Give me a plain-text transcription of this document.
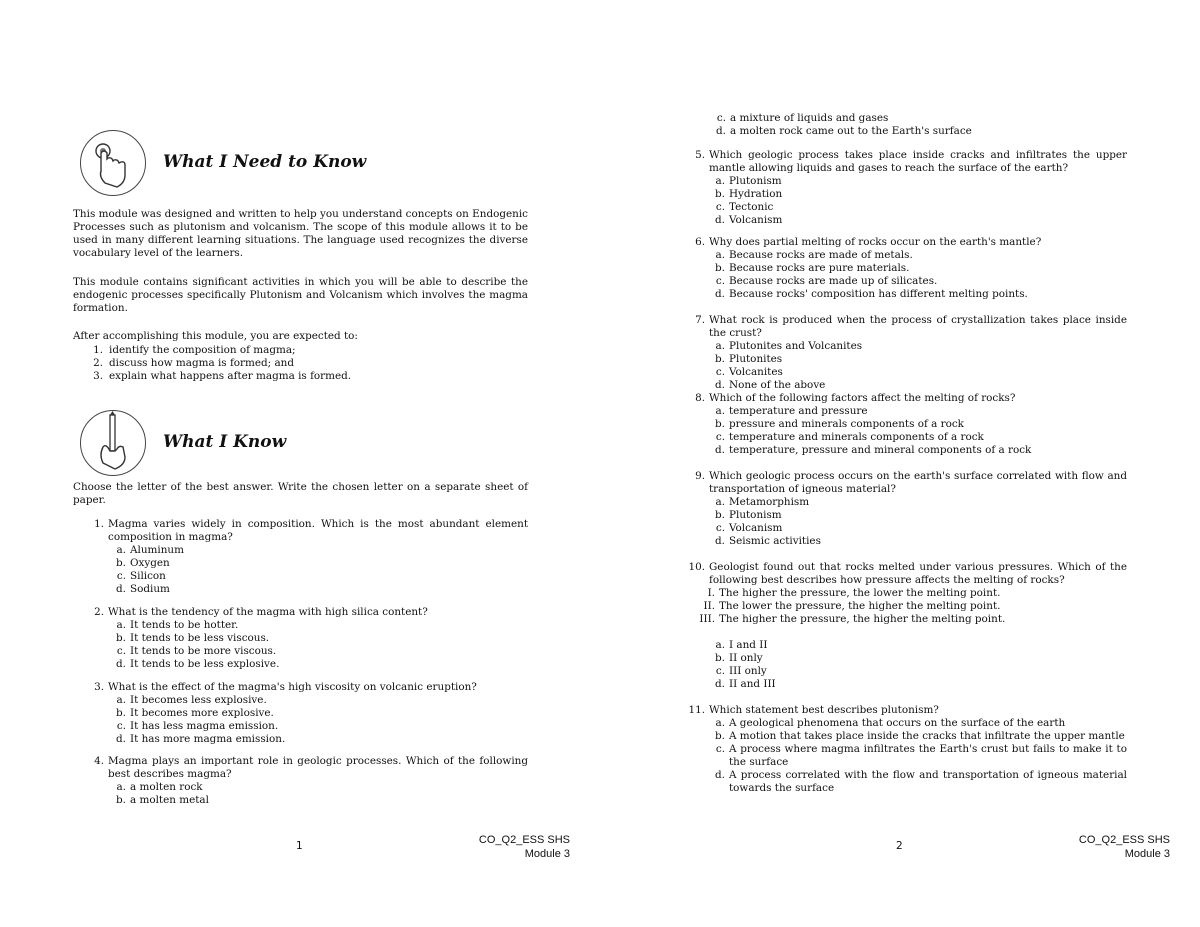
What I Need to Know
This module was designed and written to help you understand concepts on Endogenic Processes such as plutonism and volcanism. The scope of this module allows it to be used in many different learning situations. The language used recognizes the diverse vocabulary level of the learners.
This module contains significant activities in which you will be able to describe the endogenic processes specifically Plutonism and Volcanism which involves the magma formation.
After accomplishing this module, you are expected to:
1. identify the composition of magma;
2. discuss how magma is formed; and
3. explain what happens after magma is formed.
What I Know
Choose the letter of the best answer. Write the chosen letter on a separate sheet of paper.
1. Magma varies widely in composition. Which is the most abundant element composition in magma?
a. Aluminum
b. Oxygen
c. Silicon
d. Sodium
2. What is the tendency of the magma with high silica content?
a. It tends to be hotter.
b. It tends to be less viscous.
c. It tends to be more viscous.
d. It tends to be less explosive.
3. What is the effect of the magma's high viscosity on volcanic eruption?
a. It becomes less explosive.
b. It becomes more explosive.
c. It has less magma emission.
d. It has more magma emission.
4. Magma plays an important role in geologic processes. Which of the following best describes magma?
a. a molten rock
b. a molten metal
1	CO_Q2_ESS SHS
Module 3
c. a mixture of liquids and gases
d. a molten rock came out to the Earth's surface
5. Which geologic process takes place inside cracks and infiltrates the upper mantle allowing liquids and gases to reach the surface of the earth?
a. Plutonism
b. Hydration
c. Tectonic
d. Volcanism
6. Why does partial melting of rocks occur on the earth's mantle?
a. Because rocks are made of metals.
b. Because rocks are pure materials.
c. Because rocks are made up of silicates.
d. Because rocks' composition has different melting points.
7. What rock is produced when the process of crystallization takes place inside the crust?
a. Plutonites and Volcanites
b. Plutonites
c. Volcanites
d. None of the above
8. Which of the following factors affect the melting of rocks?
a. temperature and pressure
b. pressure and minerals components of a rock
c. temperature and minerals components of a rock
d. temperature, pressure and mineral components of a rock
9. Which geologic process occurs on the earth's surface correlated with flow and transportation of igneous material?
a. Metamorphism
b. Plutonism
c. Volcanism
d. Seismic activities
10. Geologist found out that rocks melted under various pressures. Which of the following best describes how pressure affects the melting of rocks?
I. The higher the pressure, the lower the melting point.
II. The lower the pressure, the higher the melting point.
III. The higher the pressure, the higher the melting point.
a. I and II
b. II only
c. III only
d. II and III
11. Which statement best describes plutonism?
a. A geological phenomena that occurs on the surface of the earth
b. A motion that takes place inside the cracks that infiltrate the upper mantle
c. A process where magma infiltrates the Earth's crust but fails to make it to the surface
d. A process correlated with the flow and transportation of igneous material towards the surface
2	CO_Q2_ESS SHS
Module 3
